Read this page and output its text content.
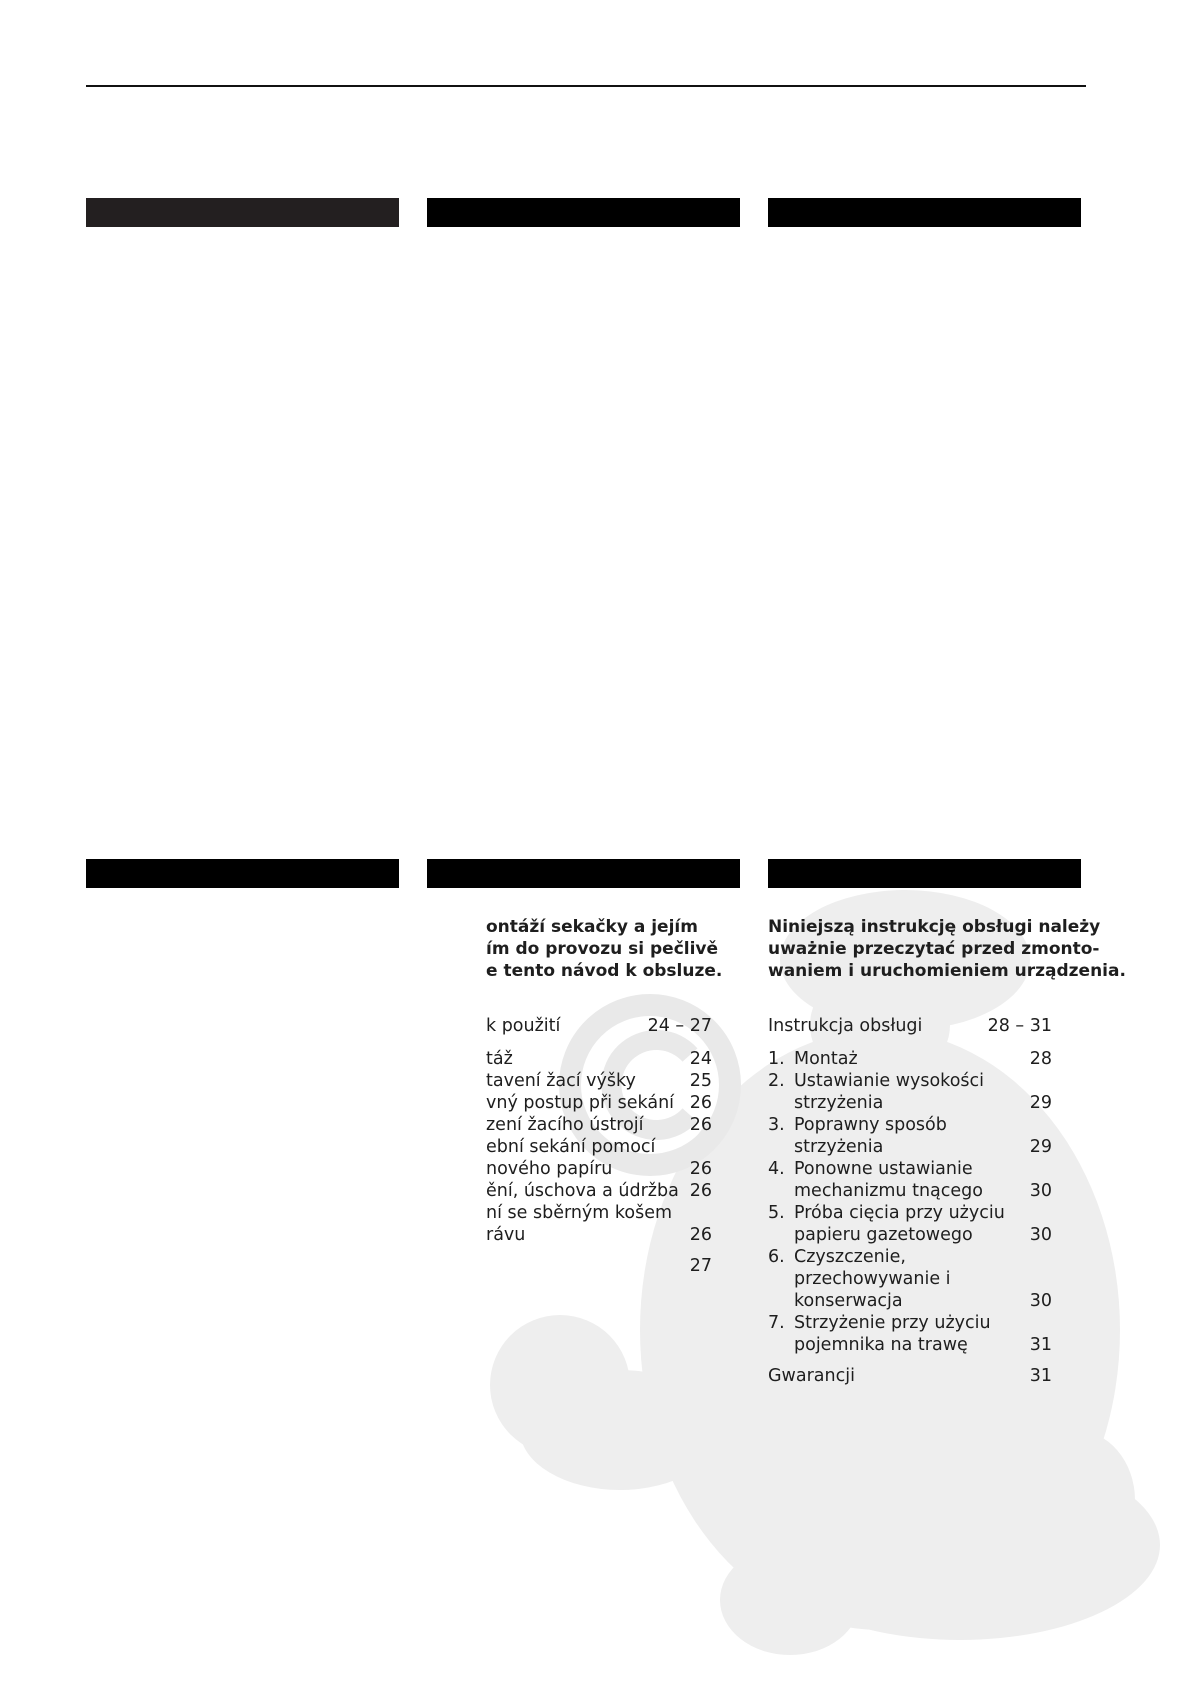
ontáží sekačky a jejím
ím do provozu si pečlivě
e tento návod k obsluze.
k použití	24 – 27
táž	24
tavení žací výšky	25
vný postup při sekání 26
zení žacího ústrojí	26
ební sekání pomocí
nového papíru	26
ění, úschova a údržba 26
ní se sběrným košem
rávu	26
27
Niniejszą instrukcję obsługi należy
uważnie przeczytać przed zmonto-
waniem i uruchomieniem urządzenia.
Instrukcja obsługi	28 – 31
1. Montaż	28
2. Ustawianie wysokości
strzyżenia	29
3. Poprawny sposób
strzyżenia	29
4. Ponowne ustawianie
mechanizmu tnącego	30
5. Próba cięcia przy użyciu
papieru gazetowego	30
6. Czyszczenie,
przechowywanie i
konserwacja	30
7. Strzyżenie przy użyciu
pojemnika na trawę	31
Gwarancji	31
